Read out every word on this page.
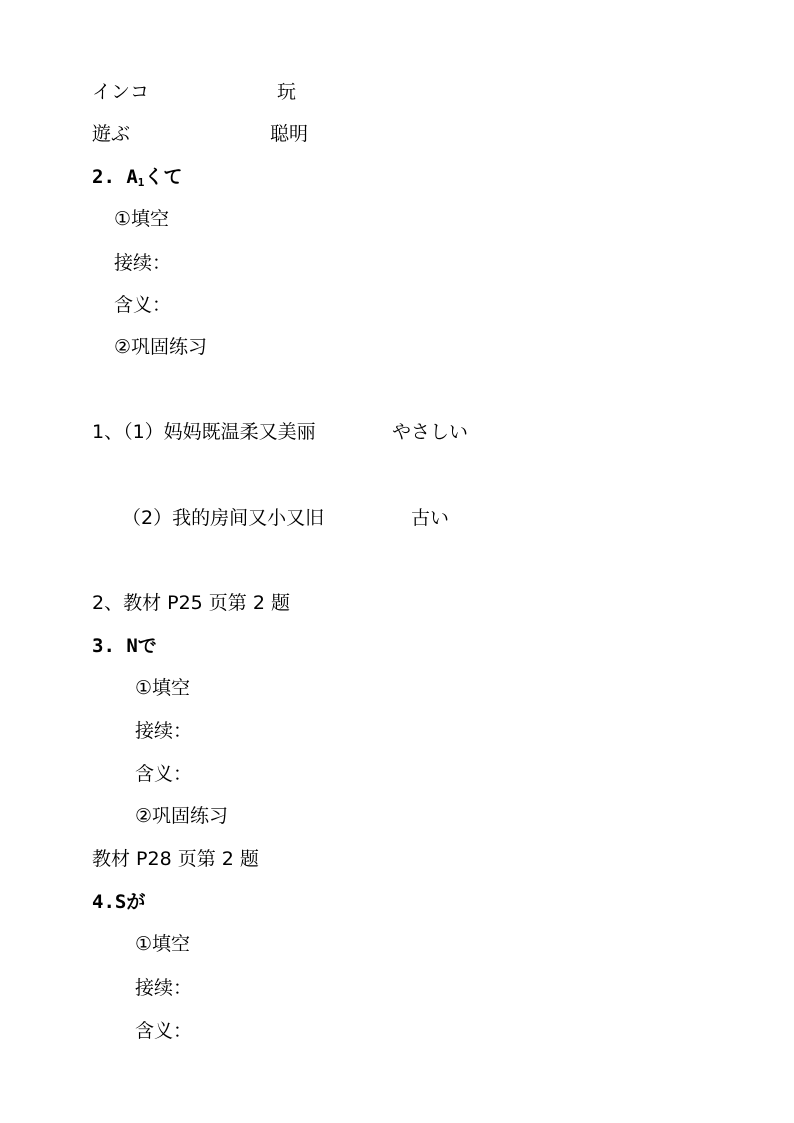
インコ	玩
遊ぶ	聪明
2. $A_1$くて
①填空
接续：
含义：
②巩固练习
1、（1）妈妈既温柔又美丽	やさしい
（2）我的房间又小又旧	古い
2、教材 P25 页第 2 题
3. Nで
①填空
接续：
含义：
②巩固练习
教材 P28 页第 2 题
4.Sが
①填空
接续：
含义：
